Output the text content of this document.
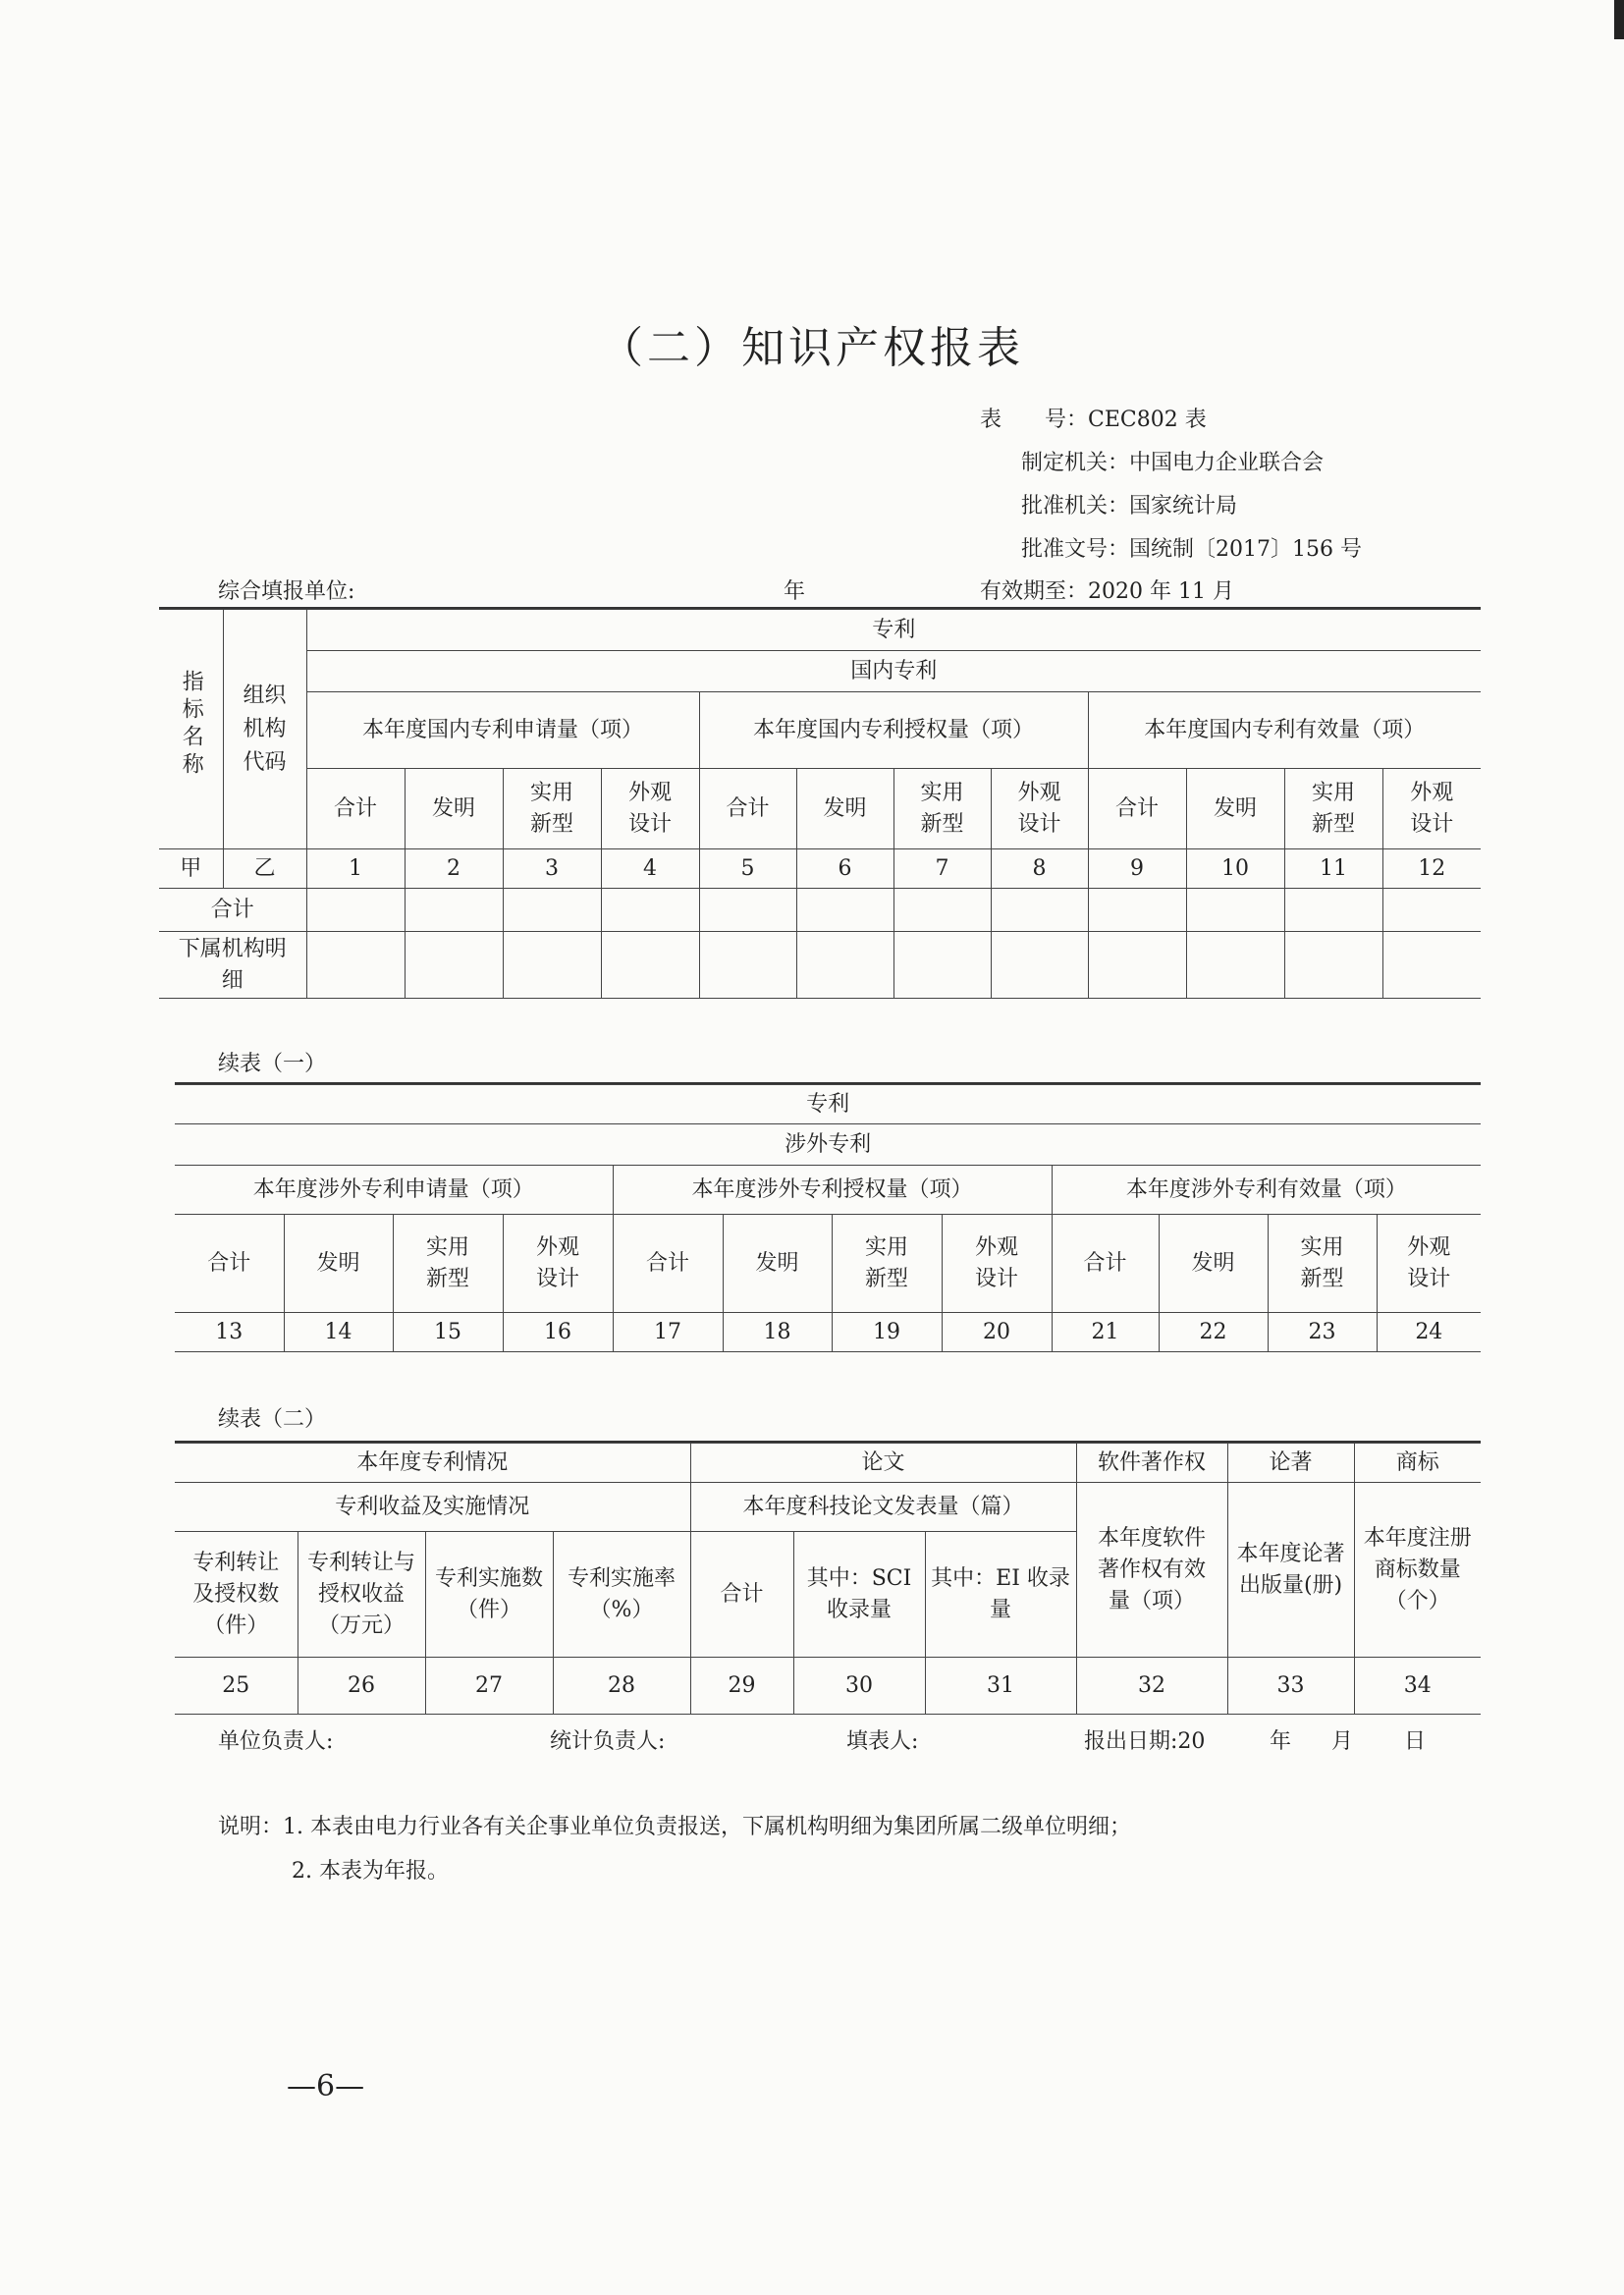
（二）知识产权报表
表　　号：CEC802 表
制定机关：中国电力企业联合会
批准机关：国家统计局
批准文号：国统制〔2017〕156 号
综合填报单位:	年	有效期至：2020 年 11 月
指标名称	组织机构代码	专利											
		国内专利											
		本年度国内专利申请量（项）				本年度国内专利授权量（项）				本年度国内专利有效量（项）			
		合计	发明	实用新型	外观设计	合计	发明	实用新型	外观设计	合计	发明	实用新型	外观设计

甲	乙	1	2	3	4	5	6	7	8	9	10	11	12
合计													

下属机构明细													

续表（一）
专利											
涉外专利											
本年度涉外专利申请量（项）				本年度涉外专利授权量（项）				本年度涉外专利有效量（项）			
合计	发明	实用新型	外观设计	合计	发明	实用新型	外观设计	合计	发明	实用新型	外观设计

13	14	15	16	17	18	19	20	21	22	23	24
续表（二）
本年度专利情况				论文			软件著作权	论著	商标
专利收益及实施情况				本年度科技论文发表量（篇）			本年度软件著作权有效量（项）	本年度论著出版量(册)	本年度注册商标数量（个）

专利转让及授权数（件）	专利转让与授权收益（万元）	专利实施数（件）	专利实施率（%）	合计	其中：SCI收录量	其中：EI 收录量			

25	26	27	28	29	30	31	32	33	34
单位负责人:	统计负责人:	填表人:	报出日期:20	年 月 日
说明：1. 本表由电力行业各有关企事业单位负责报送，下属机构明细为集团所属二级单位明细；
2. 本表为年报。
—6—
